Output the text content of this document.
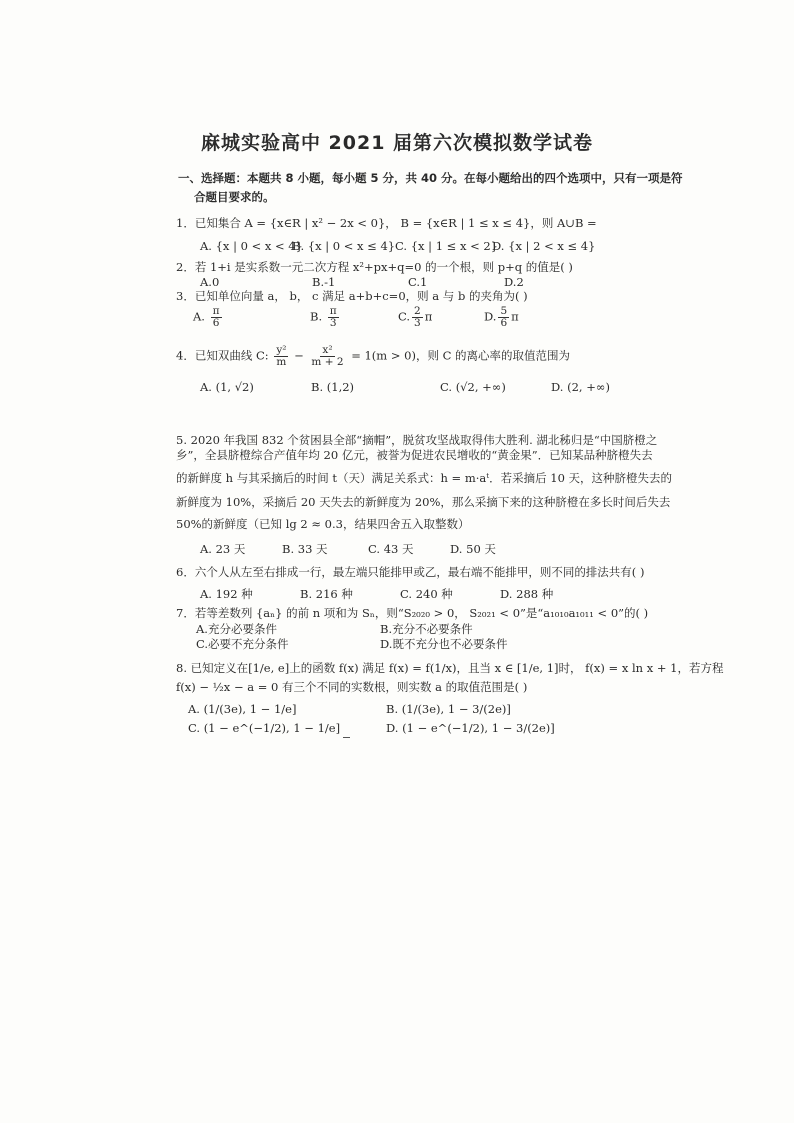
麻城实验高中 2021 届第六次模拟数学试卷
一、选择题：本题共 8 小题，每小题 5 分，共 40 分。在每小题给出的四个选项中，只有一项是符
合题目要求的。
1．已知集合 A = {x∈R | x² − 2x < 0}， B = {x∈R | 1 ≤ x ≤ 4}，则 A∪B =
A. {x | 0 < x < 4}
B. {x | 0 < x ≤ 4} C. {x | 1 ≤ x < 2}
D. {x | 2 < x ≤ 4}
2．若 1+i 是实系数一元二次方程 x²+px+q=0 的一个根，则 p+q 的值是( )
A.0	B.-1	C.1	D.2
3．已知单位向量 a， b， c 满足 a+b+c=0，则 a 与 b 的夹角为( )
A. $\frac{\pi}{6}$	B. $\frac{\pi}{3}$	C. $\frac{2}{3}$ π	D. $\frac{5}{6}$ π
4．已知双曲线 C: $\frac{\text{y²}}{m} - \frac{\text{x²}}{m + 2} = 1(m > 0)$，则 C 的离心率的取值范围为
A. (1, √2)	B. (1,2)	C. (√2, +∞)	D. (2, +∞)
5. 2020 年我国 832 个贫困县全部“摘帽”，脱贫攻坚战取得伟大胜利. 湖北秭归是“中国脐橙之
乡”，全县脐橙综合产值年均 20 亿元，被誉为促进农民增收的“黄金果”．已知某品种脐橙失去
的新鲜度 h 与其采摘后的时间 t（天）满足关系式：h = m·aᵗ．若采摘后 10 天，这种脐橙失去的
新鲜度为 10%，采摘后 20 天失去的新鲜度为 20%，那么采摘下来的这种脐橙在多长时间后失去
50%的新鲜度（已知 lg 2 ≈ 0.3，结果四舍五入取整数）
A. 23 天	B. 33 天	C. 43 天	D. 50 天
6．六个人从左至右排成一行，最左端只能排甲或乙，最右端不能排甲，则不同的排法共有( )
A. 192 种	B. 216 种	C. 240 种	D. 288 种
7．若等差数列 {aₙ} 的前 n 项和为 Sₙ，则“S₂₀₂₀ > 0， S₂₀₂₁ < 0”是“a₁₀₁₀a₁₀₁₁ < 0”的( )
A.充分必要条件	B.充分不必要条件
C.必要不充分条件	D.既不充分也不必要条件
8. 已知定义在[1/e, e]上的函数 f(x) 满足 f(x) = f(1/x)，且当 x ∈ [1/e, 1]时， f(x) = x ln x + 1，若方程
f(x) − ½x − a = 0 有三个不同的实数根，则实数 a 的取值范围是( )
A. (1/(3e), 1 − 1/e]	B. (1/(3e), 1 − 3/(2e)]
C. (1 − e^(−1/2), 1 − 1/e]	D. (1 − e^(−1/2), 1 − 3/(2e)]
